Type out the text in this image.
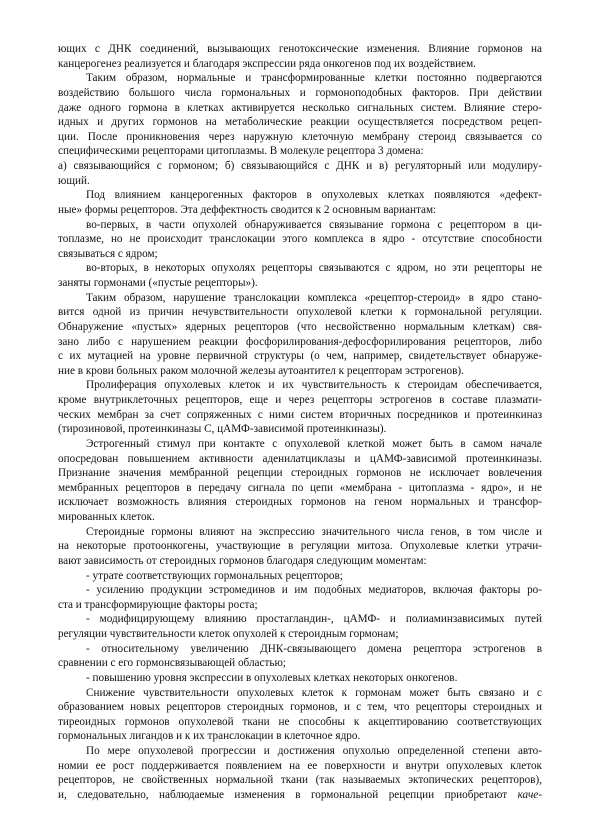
ющих с ДНК соединений, вызывающих генотоксические изменения. Влияние гормонов на
канцерогенез реализуется и благодаря экспрессии ряда онкогенов под их воздействием.
Таким образом, нормальные и трансформированные клетки постоянно подвергаются
воздействию большого числа гормональных и гормоноподобных факторов. При действии
даже одного гормона в клетках активируется несколько сигнальных систем. Влияние стеро-
идных и других гормонов на метаболические реакции осуществляется посредством рецеп-
ции. После проникновения через наружную клеточную мембрану стероид связывается со
специфическими рецепторами цитоплазмы. В молекуле рецептора 3 домена:
а) связывающийся с гормоном; б) связывающийся с ДНК и в) регуляторный или модулиру-
ющий.
Под влиянием канцерогенных факторов в опухолевых клетках появляются «дефект-
ные» формы рецепторов. Эта деффектность сводится к 2 основным вариантам:
во-первых, в части опухолей обнаруживается связывание гормона с рецептором в ци-
топлазме, но не происходит транслокации этого комплекса в ядро - отсутствие способности
связываться с ядром;
во-вторых, в некоторых опухолях рецепторы связываются с ядром, но эти рецепторы не
заняты гормонами («пустые рецепторы»).
Таким образом, нарушение транслокации комплекса «рецептор-стероид» в ядро стано-
вится одной из причин нечувствительности опухолевой клетки к гормональной регуляции.
Обнаружение «пустых» ядерных рецепторов (что несвойственно нормальным клеткам) свя-
зано либо с нарушением реакции фосфорилирования-дефосфорилирования рецепторов, либо
с их мутацией на уровне первичной структуры (о чем, например, свидетельствует обнаруже-
ние в крови больных раком молочной железы аутоантител к рецепторам эстрогенов).
Пролиферация опухолевых клеток и их чувствительность к стероидам обеспечивается,
кроме внутриклеточных рецепторов, еще и через рецепторы эстрогенов в составе плазмати-
ческих мембран за счет сопряженных с ними систем вторичных посредников и протеинкиназ
(тирозиновой, протеинкиназы С, цАМФ-зависимой протеинкиназы).
Эстрогенный стимул при контакте с опухолевой клеткой может быть в самом начале
опосредован повышением активности аденилатциклазы и цАМФ-зависимой протеинкиназы.
Признание значения мембранной рецепции стероидных гормонов не исключает вовлечения
мембранных рецепторов в передачу сигнала по цепи «мембрана - цитоплазма - ядро», и не
исключает возможность влияния стероидных гормонов на геном нормальных и трансфор-
мированных клеток.
Стероидные гормоны влияют на экспрессию значительного числа генов, в том числе и
на некоторые протоонкогены, участвующие в регуляции митоза. Опухолевые клетки утрачи-
вают зависимость от стероидных гормонов благодаря следующим моментам:
- утрате соответствующих гормональных рецепторов;
- усилению продукции эстромединов и им подобных медиаторов, включая факторы ро-
ста и трансформирующие факторы роста;
- модифицирующему влиянию простагландин-, цАМФ- и полиаминзависимых путей
регуляции чувствительности клеток опухолей к стероидным гормонам;
- относительному увеличению ДНК-связывающего домена рецептора эстрогенов в
сравнении с его гормонсвязывающей областью;
- повышению уровня экспрессии в опухолевых клетках некоторых онкогенов.
Снижение чувствительности опухолевых клеток к гормонам может быть связано и с
образованием новых рецепторов стероидных гормонов, и с тем, что рецепторы стероидных и
тиреоидных гормонов опухолевой ткани не способны к акцептированию соответствующих
гормональных лигандов и к их транслокации в клеточное ядро.
По мере опухолевой прогрессии и достижения опухолью определенной степени авто-
номии ее рост поддерживается появлением на ее поверхности и внутри опухолевых клеток
рецепторов, не свойственных нормальной ткани (так называемых эктопических рецепторов),
и, следовательно, наблюдаемые изменения в гормональной рецепции приобретают каче-
